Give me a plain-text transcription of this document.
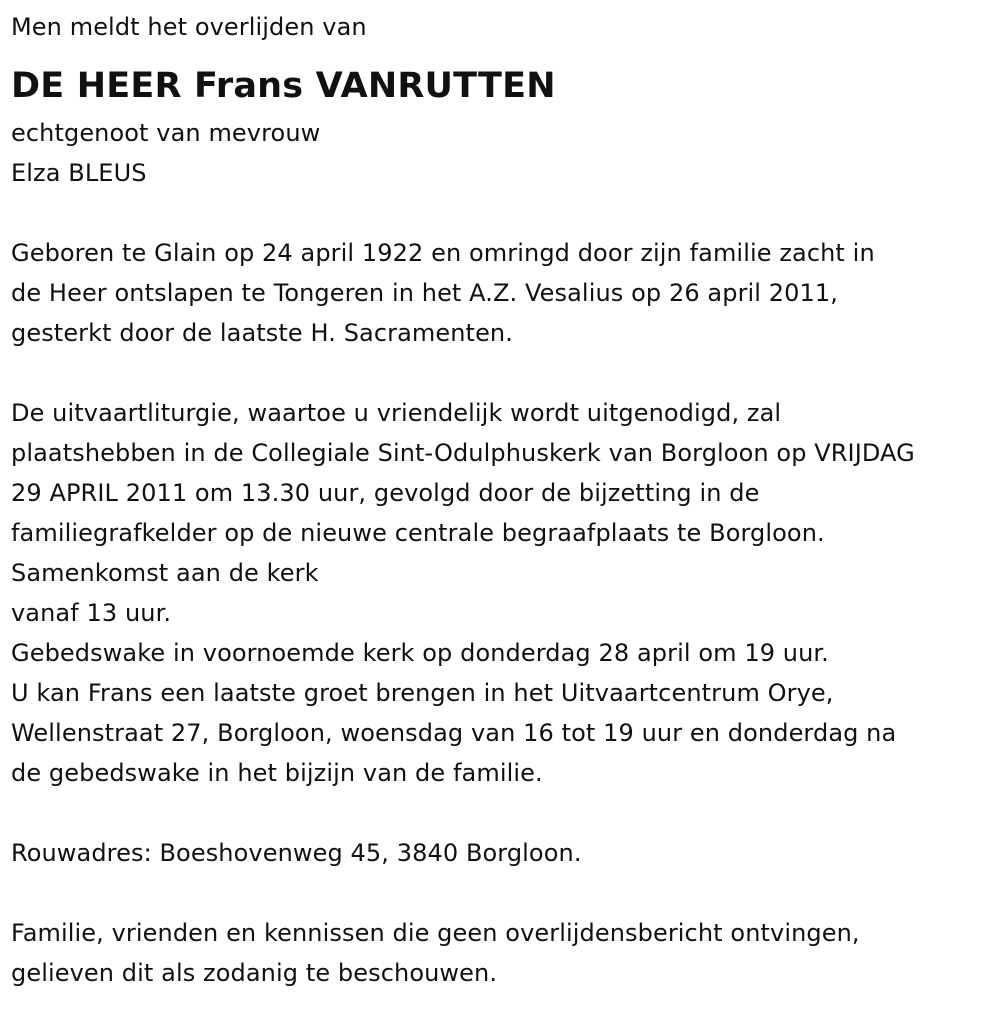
Men meldt het overlijden van
DE HEER Frans VANRUTTEN
echtgenoot van mevrouw
Elza BLEUS
Geboren te Glain op 24 april 1922 en omringd door zijn familie zacht in
de Heer ontslapen te Tongeren in het A.Z. Vesalius op 26 april 2011,
gesterkt door de laatste H. Sacramenten.
De uitvaartliturgie, waartoe u vriendelijk wordt uitgenodigd, zal
plaatshebben in de Collegiale Sint-Odulphuskerk van Borgloon op VRIJDAG
29 APRIL 2011 om 13.30 uur, gevolgd door de bijzetting in de
familiegrafkelder op de nieuwe centrale begraafplaats te Borgloon.
Samenkomst aan de kerk
vanaf 13 uur.
Gebedswake in voornoemde kerk op donderdag 28 april om 19 uur.
U kan Frans een laatste groet brengen in het Uitvaartcentrum Orye,
Wellenstraat 27, Borgloon, woensdag van 16 tot 19 uur en donderdag na
de gebedswake in het bijzijn van de familie.
Rouwadres: Boeshovenweg 45, 3840 Borgloon.
Familie, vrienden en kennissen die geen overlijdensbericht ontvingen,
gelieven dit als zodanig te beschouwen.
